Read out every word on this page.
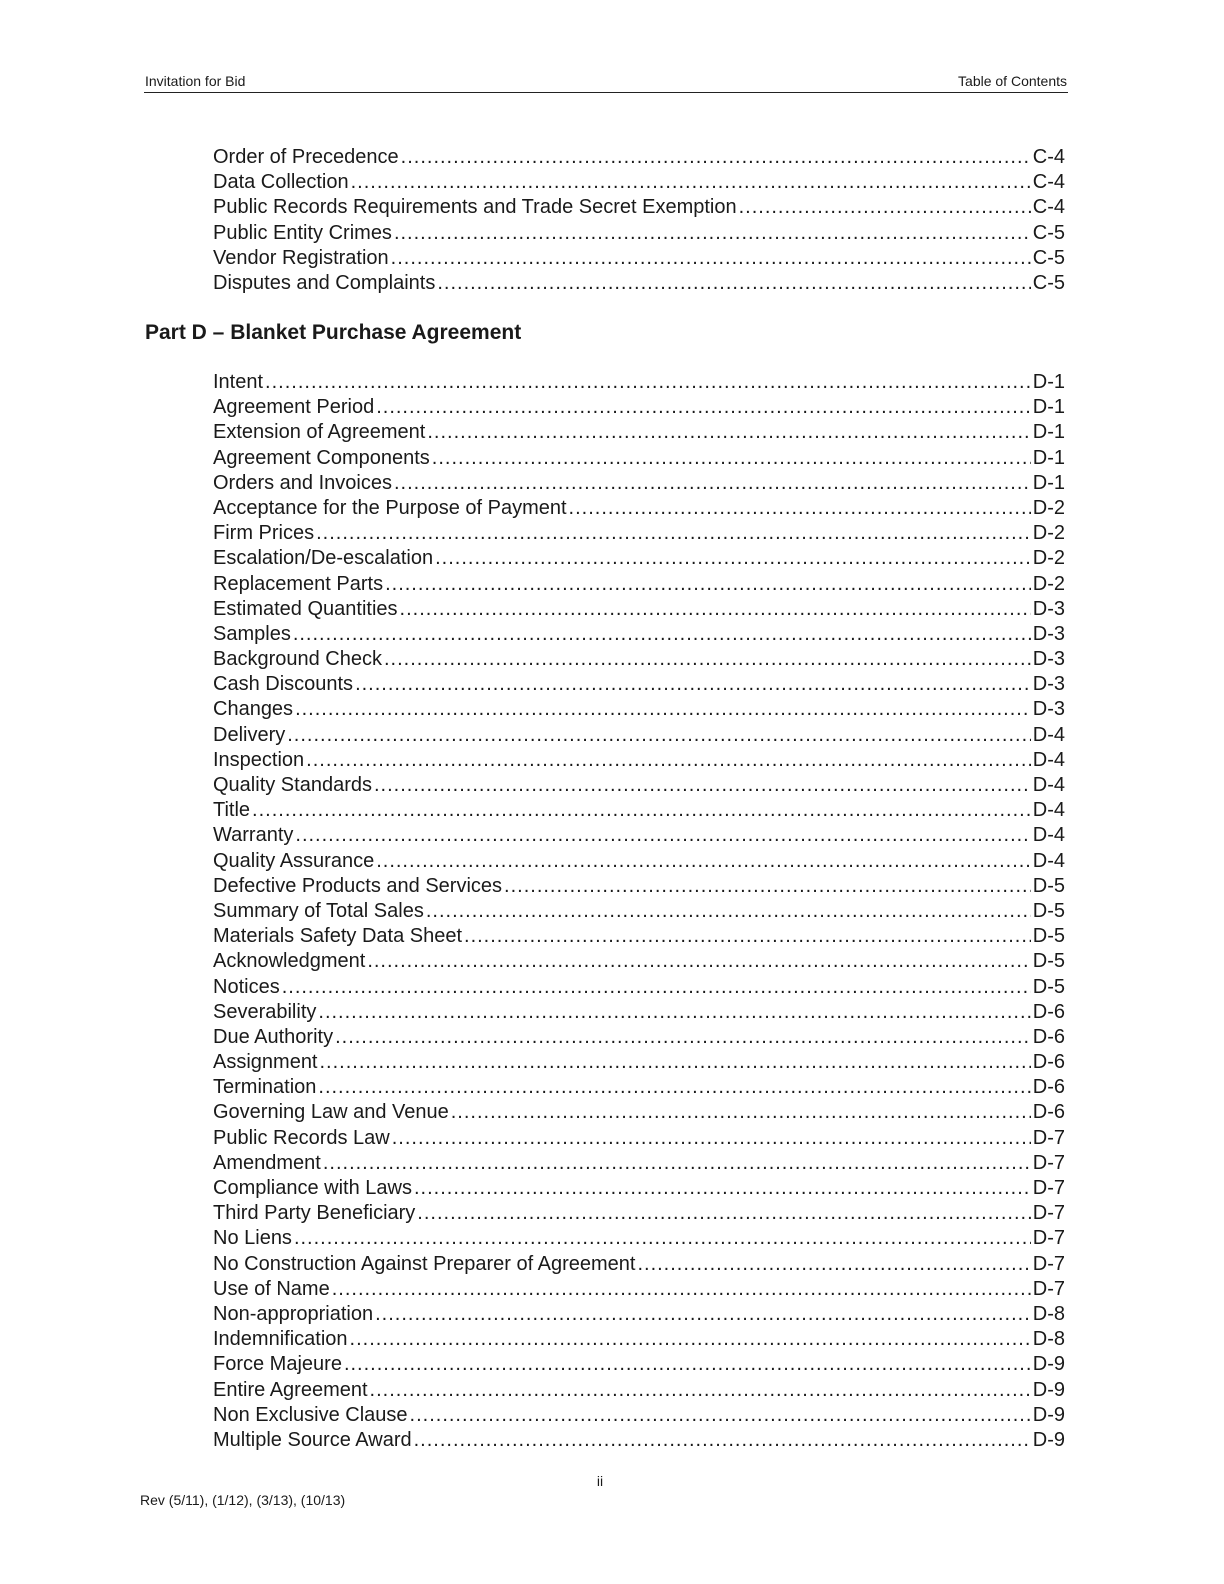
Invitation for Bid	Table of Contents
Order of Precedence .....	C-4
Data Collection .....	C-4
Public Records Requirements and Trade Secret Exemption .....	C-4
Public Entity Crimes .....	C-5
Vendor Registration .....	C-5
Disputes and Complaints .....	C-5
Part D – Blanket Purchase Agreement
Intent .....	D-1
Agreement Period .....	D-1
Extension of Agreement .....	D-1
Agreement Components .....	D-1
Orders and Invoices .....	D-1
Acceptance for the Purpose of Payment .....	D-2
Firm Prices .....	D-2
Escalation/De-escalation .....	D-2
Replacement Parts .....	D-2
Estimated Quantities .....	D-3
Samples .....	D-3
Background Check .....	D-3
Cash Discounts .....	D-3
Changes .....	D-3
Delivery .....	D-4
Inspection .....	D-4
Quality Standards .....	D-4
Title .....	D-4
Warranty .....	D-4
Quality Assurance .....	D-4
Defective Products and Services .....	D-5
Summary of Total Sales .....	D-5
Materials Safety Data Sheet .....	D-5
Acknowledgment .....	D-5
Notices .....	D-5
Severability .....	D-6
Due Authority .....	D-6
Assignment .....	D-6
Termination .....	D-6
Governing Law and Venue .....	D-6
Public Records Law .....	D-7
Amendment .....	D-7
Compliance with Laws .....	D-7
Third Party Beneficiary .....	D-7
No Liens .....	D-7
No Construction Against Preparer of Agreement .....	D-7
Use of Name .....	D-7
Non-appropriation .....	D-8
Indemnification .....	D-8
Force Majeure .....	D-9
Entire Agreement .....	D-9
Non Exclusive Clause .....	D-9
Multiple Source Award .....	D-9
ii
Rev (5/11), (1/12), (3/13), (10/13)
